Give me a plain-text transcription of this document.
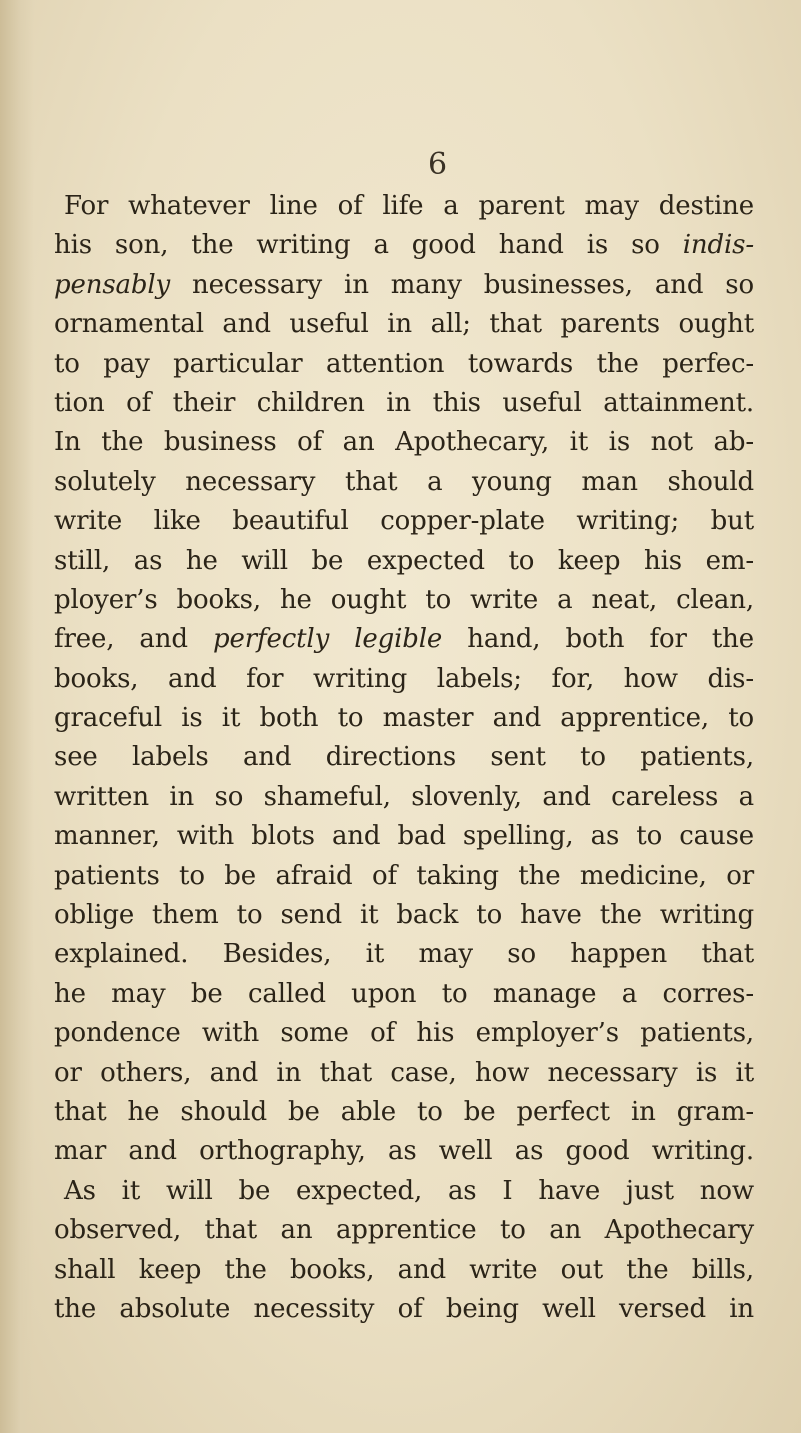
6
For whatever line of life a parent may destine
his son, the writing a good hand is so indis-
pensably necessary in many businesses, and so
ornamental and useful in all; that parents ought
to pay particular attention towards the perfec-
tion of their children in this useful attainment.
In the business of an Apothecary, it is not ab-
solutely necessary that a young man should
write like beautiful copper-plate writing; but
still, as he will be expected to keep his em-
ployer’s books, he ought to write a neat, clean,
free, and perfectly legible hand, both for the
books, and for writing labels; for, how dis-
graceful is it both to master and apprentice, to
see labels and directions sent to patients,
written in so shameful, slovenly, and careless a
manner, with blots and bad spelling, as to cause
patients to be afraid of taking the medicine, or
oblige them to send it back to have the writing
explained. Besides, it may so happen that
he may be called upon to manage a corres-
pondence with some of his employer’s patients,
or others, and in that case, how necessary is it
that he should be able to be perfect in gram-
mar and orthography, as well as good writing.
As it will be expected, as I have just now
observed, that an apprentice to an Apothecary
shall keep the books, and write out the bills,
the absolute necessity of being well versed in
